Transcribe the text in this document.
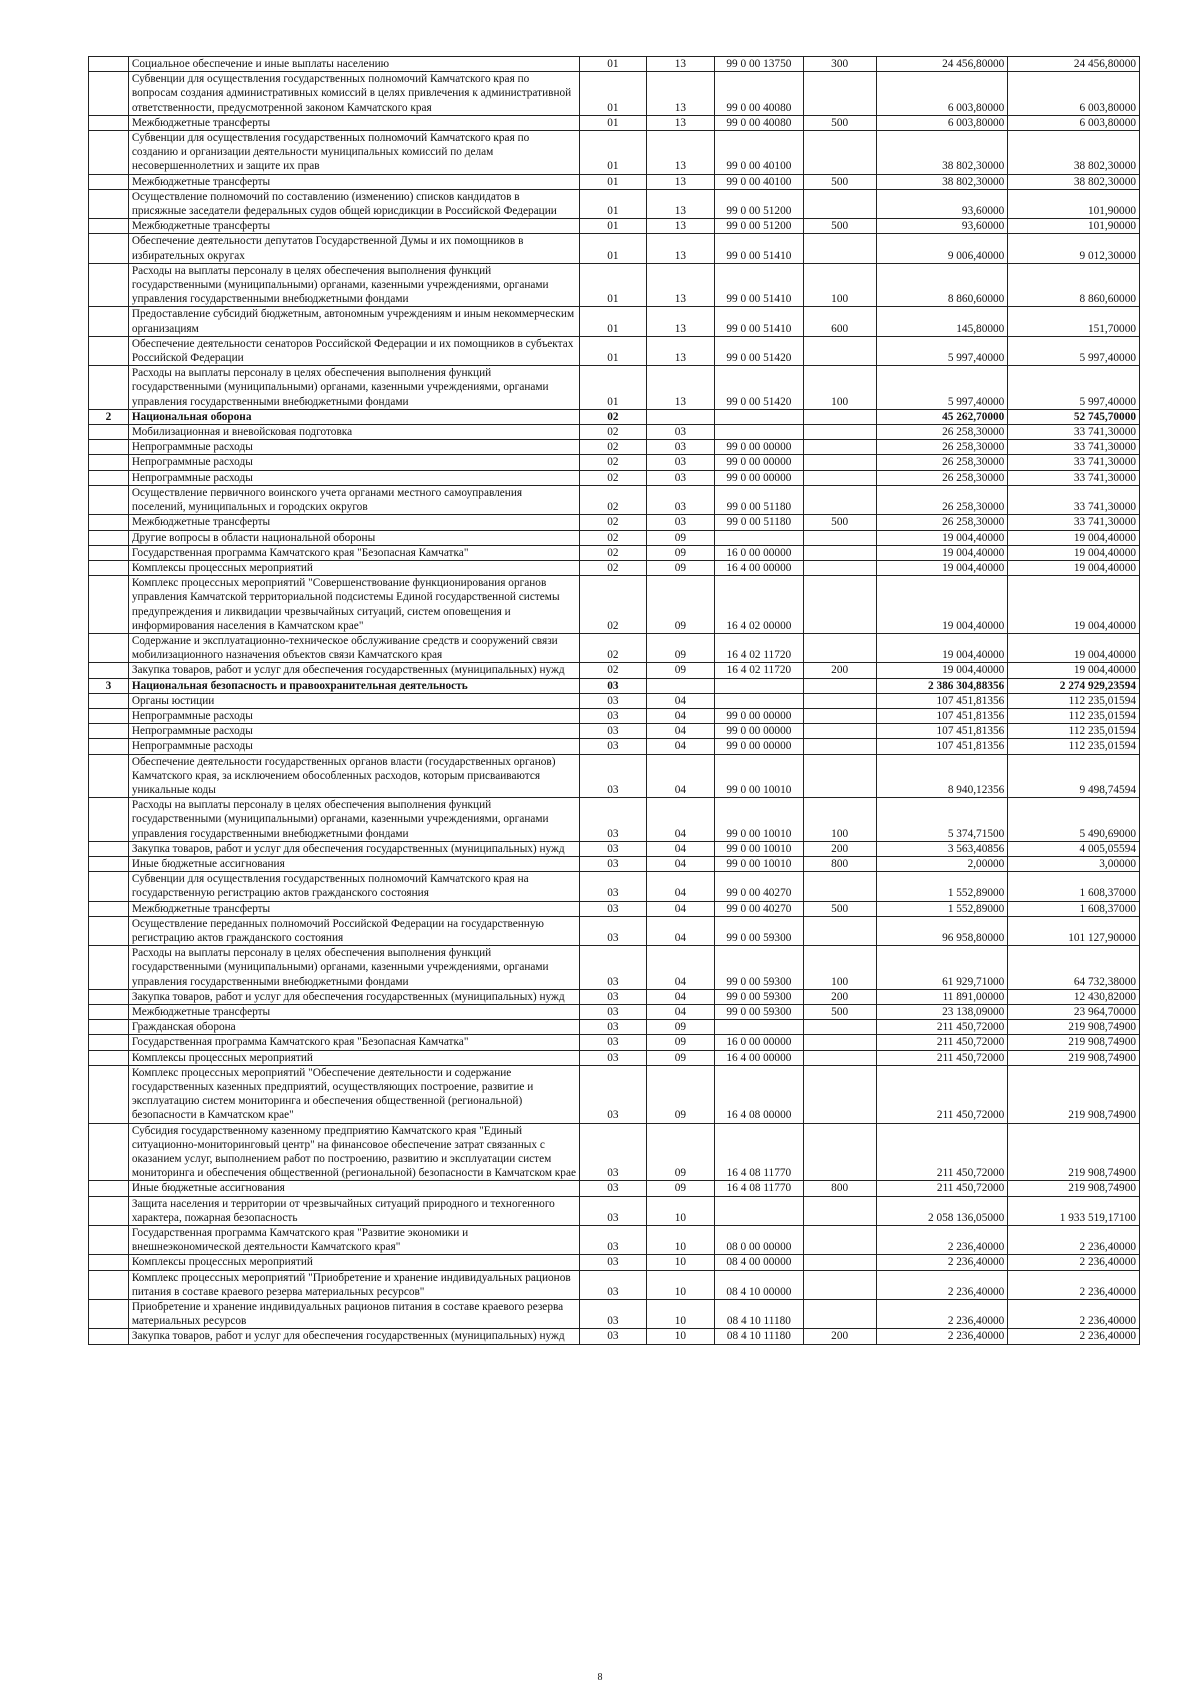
	Социальное обеспечение и иные выплаты населению	01	13	99 0 00 13750	300	24 456,80000	24 456,80000
	Субвенции для осуществления государственных полномочий Камчатского края по вопросам создания административных комиссий в целях привлечения к административной ответственности, предусмотренной законом Камчатского края	01	13	99 0 00 40080		6 003,80000	6 003,80000
	Межбюджетные трансферты	01	13	99 0 00 40080	500	6 003,80000	6 003,80000
	Субвенции для осуществления государственных полномочий Камчатского края по созданию и организации деятельности муниципальных комиссий по делам несовершеннолетних и защите их прав	01	13	99 0 00 40100		38 802,30000	38 802,30000
	Межбюджетные трансферты	01	13	99 0 00 40100	500	38 802,30000	38 802,30000
	Осуществление полномочий по составлению (изменению) списков кандидатов в присяжные заседатели федеральных судов общей юрисдикции в Российской Федерации	01	13	99 0 00 51200		93,60000	101,90000
	Межбюджетные трансферты	01	13	99 0 00 51200	500	93,60000	101,90000
	Обеспечение деятельности депутатов Государственной Думы и их помощников в избирательных округах	01	13	99 0 00 51410		9 006,40000	9 012,30000
	Расходы на выплаты персоналу в целях обеспечения выполнения функций государственными (муниципальными) органами, казенными учреждениями, органами управления государственными внебюджетными фондами	01	13	99 0 00 51410	100	8 860,60000	8 860,60000
	Предоставление субсидий бюджетным, автономным учреждениям и иным некоммерческим организациям	01	13	99 0 00 51410	600	145,80000	151,70000
	Обеспечение деятельности сенаторов Российской Федерации и их помощников в субъектах Российской Федерации	01	13	99 0 00 51420		5 997,40000	5 997,40000
	Расходы на выплаты персоналу в целях обеспечения выполнения функций государственными (муниципальными) органами, казенными учреждениями, органами управления государственными внебюджетными фондами	01	13	99 0 00 51420	100	5 997,40000	5 997,40000
2	Национальная оборона	02				45 262,70000	52 745,70000
	Мобилизационная и вневойсковая подготовка	02	03			26 258,30000	33 741,30000
	Непрограммные расходы	02	03	99 0 00 00000		26 258,30000	33 741,30000
	Непрограммные расходы	02	03	99 0 00 00000		26 258,30000	33 741,30000
	Непрограммные расходы	02	03	99 0 00 00000		26 258,30000	33 741,30000
	Осуществление первичного воинского учета органами местного самоуправления поселений, муниципальных и городских округов	02	03	99 0 00 51180		26 258,30000	33 741,30000
	Межбюджетные трансферты	02	03	99 0 00 51180	500	26 258,30000	33 741,30000
	Другие вопросы в области национальной обороны	02	09			19 004,40000	19 004,40000
	Государственная программа Камчатского края "Безопасная Камчатка"	02	09	16 0 00 00000		19 004,40000	19 004,40000
	Комплексы процессных мероприятий	02	09	16 4 00 00000		19 004,40000	19 004,40000
	Комплекс процессных мероприятий "Совершенствование функционирования органов управления Камчатской территориальной подсистемы Единой государственной системы предупреждения и ликвидации чрезвычайных ситуаций, систем оповещения и информирования населения в Камчатском крае"	02	09	16 4 02 00000		19 004,40000	19 004,40000
	Содержание и эксплуатационно-техническое обслуживание средств и сооружений связи мобилизационного назначения объектов связи Камчатского края	02	09	16 4 02 11720		19 004,40000	19 004,40000
	Закупка товаров, работ и услуг для обеспечения государственных (муниципальных) нужд	02	09	16 4 02 11720	200	19 004,40000	19 004,40000
3	Национальная безопасность и правоохранительная деятельность	03				2 386 304,88356	2 274 929,23594
	Органы юстиции	03	04			107 451,81356	112 235,01594
	Непрограммные расходы	03	04	99 0 00 00000		107 451,81356	112 235,01594
	Непрограммные расходы	03	04	99 0 00 00000		107 451,81356	112 235,01594
	Непрограммные расходы	03	04	99 0 00 00000		107 451,81356	112 235,01594
	Обеспечение деятельности государственных органов власти (государственных органов) Камчатского края, за исключением обособленных расходов, которым присваиваются уникальные коды	03	04	99 0 00 10010		8 940,12356	9 498,74594
	Расходы на выплаты персоналу в целях обеспечения выполнения функций государственными (муниципальными) органами, казенными учреждениями, органами управления государственными внебюджетными фондами	03	04	99 0 00 10010	100	5 374,71500	5 490,69000
	Закупка товаров, работ и услуг для обеспечения государственных (муниципальных) нужд	03	04	99 0 00 10010	200	3 563,40856	4 005,05594
	Иные бюджетные ассигнования	03	04	99 0 00 10010	800	2,00000	3,00000
	Субвенции для осуществления государственных полномочий Камчатского края на государственную регистрацию актов гражданского состояния	03	04	99 0 00 40270		1 552,89000	1 608,37000
	Межбюджетные трансферты	03	04	99 0 00 40270	500	1 552,89000	1 608,37000
	Осуществление переданных полномочий Российской Федерации на государственную регистрацию актов гражданского состояния	03	04	99 0 00 59300		96 958,80000	101 127,90000
	Расходы на выплаты персоналу в целях обеспечения выполнения функций государственными (муниципальными) органами, казенными учреждениями, органами управления государственными внебюджетными фондами	03	04	99 0 00 59300	100	61 929,71000	64 732,38000
	Закупка товаров, работ и услуг для обеспечения государственных (муниципальных) нужд	03	04	99 0 00 59300	200	11 891,00000	12 430,82000
	Межбюджетные трансферты	03	04	99 0 00 59300	500	23 138,09000	23 964,70000
	Гражданская оборона	03	09			211 450,72000	219 908,74900
	Государственная программа Камчатского края "Безопасная Камчатка"	03	09	16 0 00 00000		211 450,72000	219 908,74900
	Комплексы процессных мероприятий	03	09	16 4 00 00000		211 450,72000	219 908,74900
	Комплекс процессных мероприятий "Обеспечение деятельности и содержание государственных казенных предприятий, осуществляющих построение, развитие и эксплуатацию систем мониторинга и обеспечения общественной (региональной) безопасности в Камчатском крае"	03	09	16 4 08 00000		211 450,72000	219 908,74900
	Субсидия государственному казенному предприятию Камчатского края "Единый ситуационно-мониторинговый центр" на финансовое обеспечение затрат связанных с оказанием услуг, выполнением работ по построению, развитию и эксплуатации систем мониторинга и обеспечения общественной (региональной) безопасности в Камчатском крае	03	09	16 4 08 11770		211 450,72000	219 908,74900
	Иные бюджетные ассигнования	03	09	16 4 08 11770	800	211 450,72000	219 908,74900
	Защита населения и территории от чрезвычайных ситуаций природного и техногенного характера, пожарная безопасность	03	10			2 058 136,05000	1 933 519,17100
	Государственная программа Камчатского края "Развитие экономики и внешнеэкономической деятельности Камчатского края"	03	10	08 0 00 00000		2 236,40000	2 236,40000
	Комплексы процессных мероприятий	03	10	08 4 00 00000		2 236,40000	2 236,40000
	Комплекс процессных мероприятий "Приобретение и хранение индивидуальных рационов питания в составе краевого резерва материальных ресурсов"	03	10	08 4 10 00000		2 236,40000	2 236,40000
	Приобретение и хранение индивидуальных рационов питания в составе краевого резерва материальных ресурсов	03	10	08 4 10 11180		2 236,40000	2 236,40000
	Закупка товаров, работ и услуг для обеспечения государственных (муниципальных) нужд	03	10	08 4 10 11180	200	2 236,40000	2 236,40000
8
